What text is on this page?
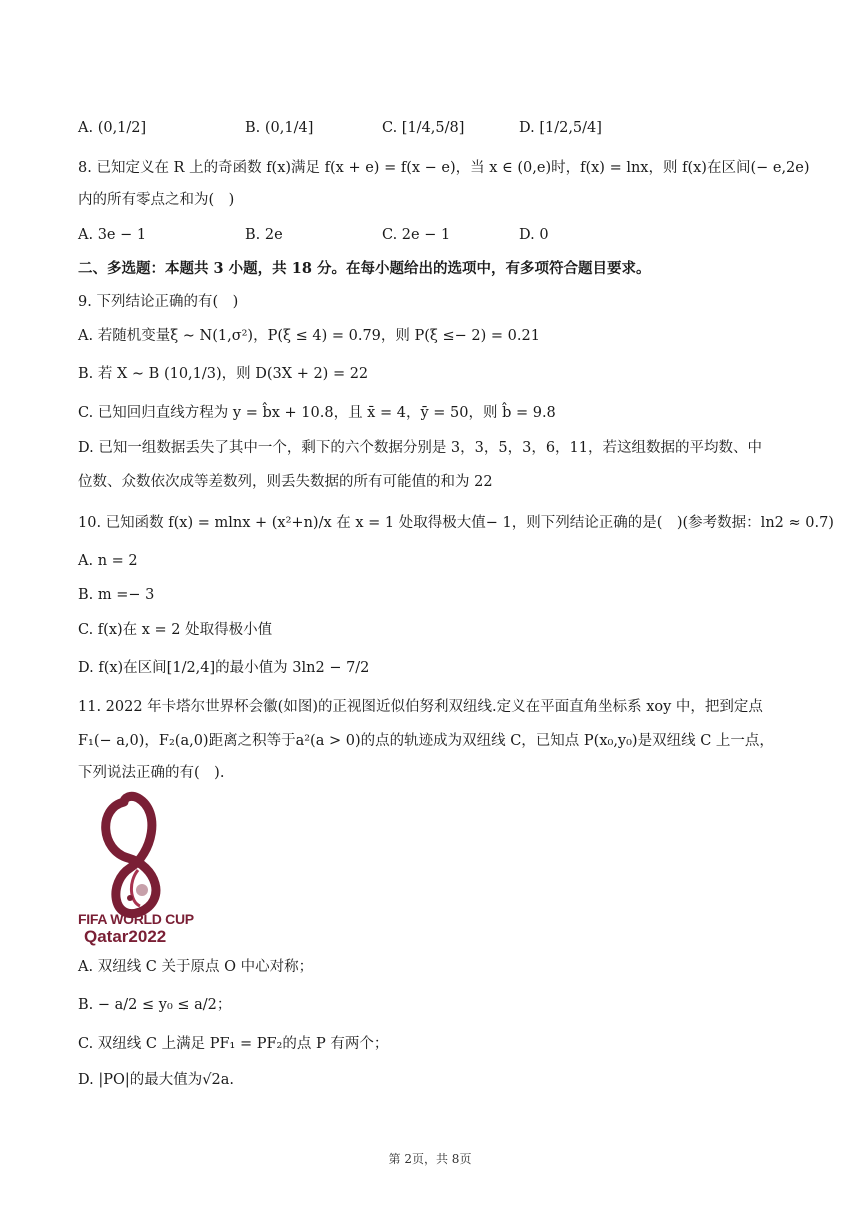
A. (0,1/2]	B. (0,1/4]	C. [1/4,5/8]	D. [1/2,5/4]
8. 已知定义在 R 上的奇函数 f(x)满足 f(x + e) = f(x − e)，当 x ∈ (0,e)时，f(x) = lnx，则 f(x)在区间(− e,2e)
内的所有零点之和为(　)
A. 3e − 1	B. 2e	C. 2e − 1	D. 0
二、多选题：本题共 3 小题，共 18 分。在每小题给出的选项中，有多项符合题目要求。
9. 下列结论正确的有(　)
A. 若随机变量ξ ∼ N(1,σ²)，P(ξ ≤ 4) = 0.79，则 P(ξ ≤− 2) = 0.21
B. 若 X ∼ B (10,1/3)，则 D(3X + 2) = 22
C. 已知回归直线方程为 y = b̂x + 10.8，且 x̄ = 4，ȳ = 50，则 b̂ = 9.8
D. 已知一组数据丢失了其中一个，剩下的六个数据分别是 3，3，5，3，6，11，若这组数据的平均数、中
位数、众数依次成等差数列，则丢失数据的所有可能值的和为 22
10. 已知函数 f(x) = mlnx + (x²+n)/x 在 x = 1 处取得极大值− 1，则下列结论正确的是(　)(参考数据：ln2 ≈ 0.7)
A. n = 2
B. m =− 3
C. f(x)在 x = 2 处取得极小值
D. f(x)在区间[1/2,4]的最小值为 3ln2 − 7/2
11. 2022 年卡塔尔世界杯会徽(如图)的正视图近似伯努利双纽线.定义在平面直角坐标系 xoy 中，把到定点
F₁(− a,0)，F₂(a,0)距离之积等于a²(a > 0)的点的轨迹成为双纽线 C，已知点 P(x₀,y₀)是双纽线 C 上一点，
下列说法正确的有(　).
FIFA WORLD CUP
Qatar2022
A. 双纽线 C 关于原点 O 中心对称；
B. − a/2 ≤ y₀ ≤ a/2；
C. 双纽线 C 上满足 PF₁ = PF₂的点 P 有两个；
D. |PO|的最大值为√2a.
第 2页，共 8页
